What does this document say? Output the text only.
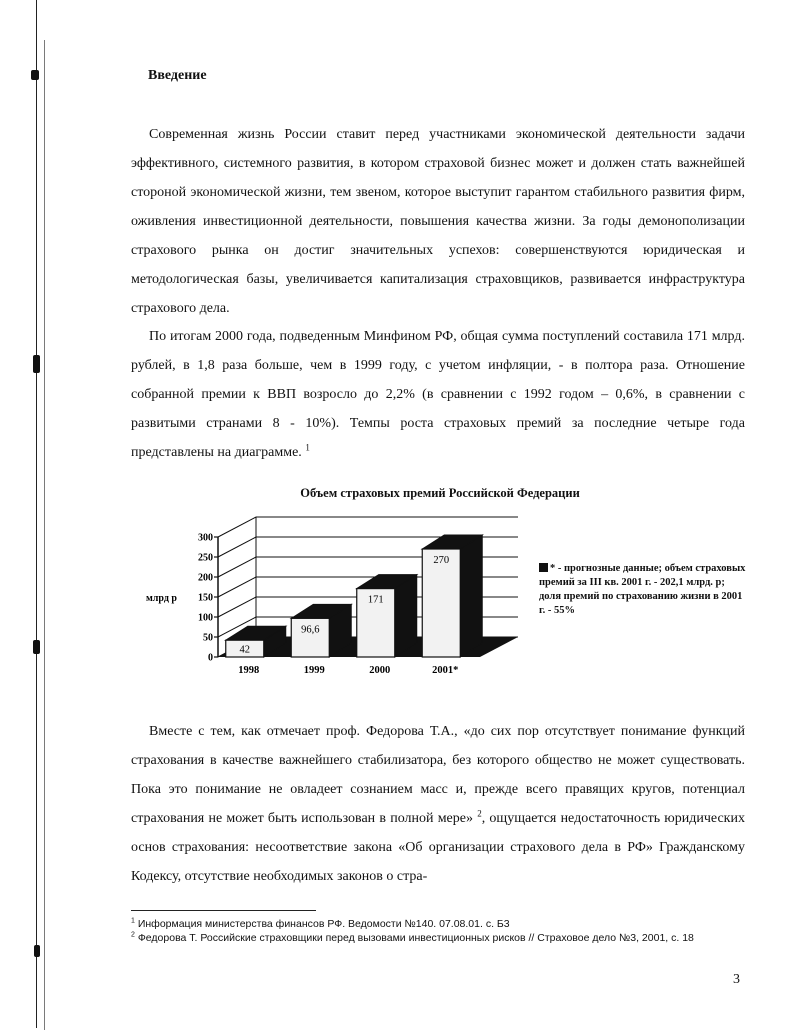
Введение

Современная жизнь России ставит перед участниками экономической деятельности задачи эффективного, системного развития, в котором страховой бизнес может и должен стать важнейшей стороной экономической жизни, тем звеном, которое выступит гарантом стабильного развития фирм, оживления инвестиционной деятельности, повышения качества жизни. За годы демонополизации страхового рынка он достиг значительных успехов: совершенствуются юридическая и методологическая базы, увеличивается капитализация страховщиков, развивается инфраструктура страхового дела.

По итогам 2000 года, подведенным Минфином РФ, общая сумма поступлений составила 171 млрд. рублей, в 1,8 раза больше, чем в 1999 году, с учетом инфляции, - в полтора раза. Отношение собранной премии к ВВП возросло до 2,2% (в сравнении с 1992 годом – 0,6%, в сравнении с развитыми странами 8 - 10%). Темпы роста страховых премий за последние четыре года представлены на диаграмме. $^1$

Объем страховых премий Российской Федерации
0
50
100
150
200
250
300
млрд р
42
1998
96,6
1999
171
2000
270
2001*
* - прогнозные данные; объем страховых премий за III кв. 2001 г. - 202,1 млрд. р; доля премий по страхованию жизни в 2001 г. - 55%

Вместе с тем, как отмечает проф. Федорова Т.А., «до сих пор отсутствует понимание функций страхования в качестве важнейшего стабилизатора, без которого общество не может существовать. Пока это понимание не овладеет сознанием масс и, прежде всего правящих кругов, потенциал страхования не может быть использован в полной мере» $^2$, ощущается недостаточность юридических основ страхования: несоответствие закона «Об организации страхового дела в РФ» Гражданскому Кодексу, отсутствие необходимых законов о стра-

$^1$ Информация министерства финансов РФ. Ведомости №140. 07.08.01. с. Б3

$^2$ Федорова Т. Российские страховщики перед вызовами инвестиционных рисков // Страховое дело №3, 2001, с. 18

3
